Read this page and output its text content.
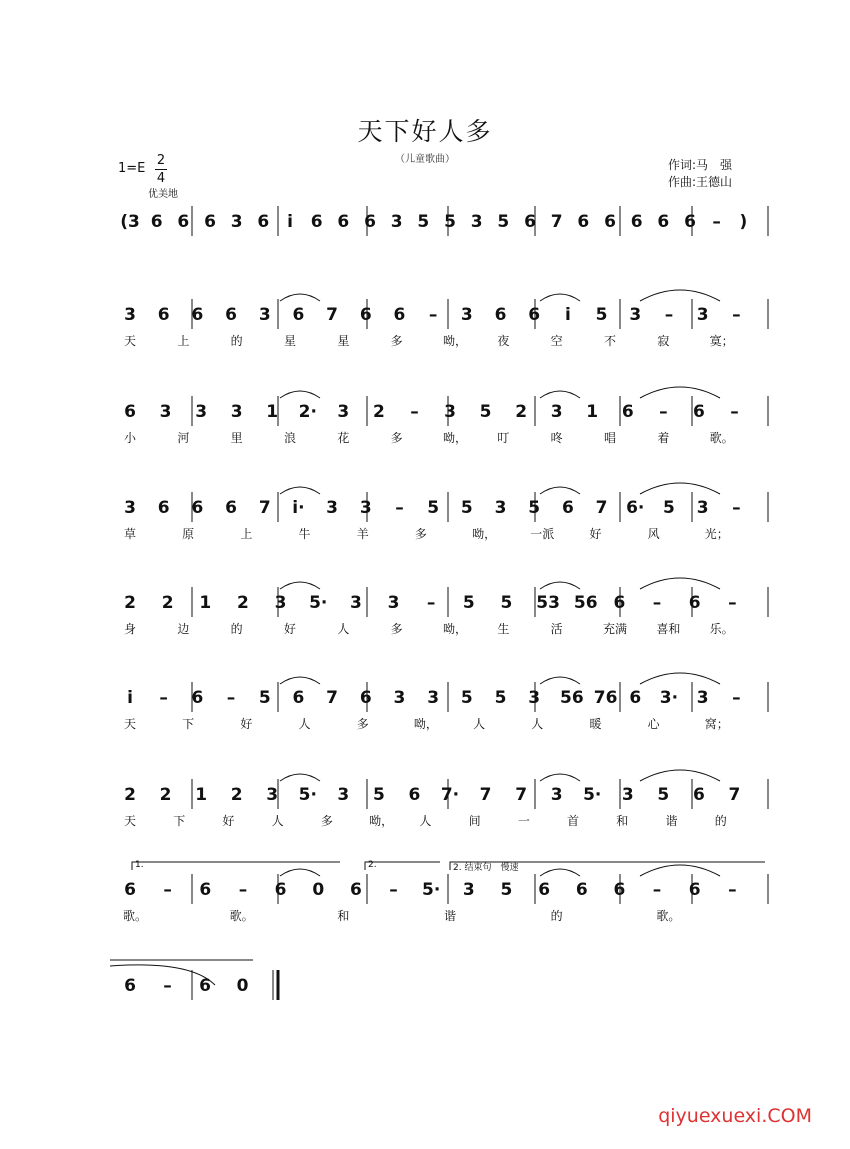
天下好人多
（儿童歌曲）
1=E
2
4
优美地
作词:马　强
作曲:王德山
(3 6 6 6 3 6	i	6 6 6 3 5 5 3 5 6 7 6 6 6 6 6 –	)
3 6 6 6 3 6 7 6 6	–	3 6 6	i	5 3	–	3	–
天	上	的	星	星	多	呦，	夜	空	不	寂	寞；
6 3 3 3 1 2· 3 2	–	3 5 2 3 1 6	–	6	–
小	河	里	浪	花	多	呦，	叮	咚	唱	着	歌。
3 6 6 6 7 i· 3 3	–	5 5 3 5 6 7 6· 5 3	–
草	原	上	牛	羊	多	呦，	一派	好	风	光；
2 2 1 2 3 5· 3 3	–	5 5 53 56 6	–	6	–
身	边	的	好	人	多	呦，	生	活	充满	喜和	乐。
i	–	6	–	5 6 7 6 3 3 5 5 3 56 76 6 3· 3	–
天	下	好	人	多	呦，	人	人	暖	心	窝；
2 2 1 2 3 5· 3 5 6 7· 7 7 3 5· 3 5 6 7
天	下	好	人	多	呦，	人	间	一	首	和	谐	的
6	–	6	–	6 0 6	–	5· 3 5 6 6 6	–	6	–
歌。	歌。	和	谐	的	歌。
1.	2.	2. 结束句　慢速
6	–	6 0
qiyuexuexi.COM
